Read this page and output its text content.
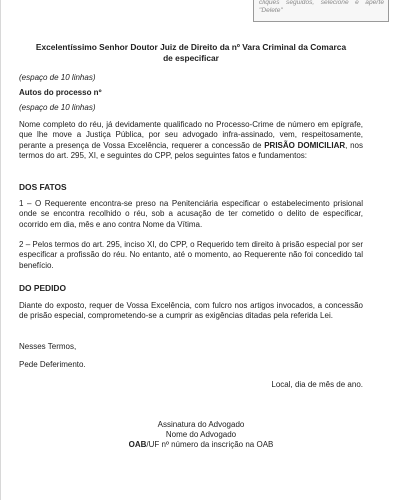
cliques seguidos, selecione e aperte "Delete"
Excelentíssimo Senhor Doutor Juiz de Direito da nº Vara Criminal da Comarca
de especificar
(espaço de 10 linhas)
Autos do processo nº
(espaço de 10 linhas)
Nome completo do réu, já devidamente qualificado no Processo-Crime de número em epígrafe, que lhe move a Justiça Pública, por seu advogado infra-assinado, vem, respeitosamente, perante a presença de Vossa Excelência, requerer a concessão de PRISÃO DOMICILIAR, nos termos do art. 295, XI, e seguintes do CPP, pelos seguintes fatos e fundamentos:
DOS FATOS
1 – O Requerente encontra-se preso na Penitenciária especificar o estabelecimento prisional onde se encontra recolhido o réu, sob a acusação de ter cometido o delito de especificar, ocorrido em dia, mês e ano contra Nome da Vítima.
2 – Pelos termos do art. 295, inciso XI, do CPP, o Requerido tem direito à prisão especial por ser especificar a profissão do réu. No entanto, até o momento, ao Requerente não foi concedido tal benefício.
DO PEDIDO
Diante do exposto, requer de Vossa Excelência, com fulcro nos artigos invocados, a concessão de prisão especial, comprometendo-se a cumprir as exigências ditadas pela referida Lei.
Nesses Termos,
Pede Deferimento.
Local, dia de mês de ano.
Assinatura do Advogado
Nome do Advogado
OAB/UF nº número da inscrição na OAB
